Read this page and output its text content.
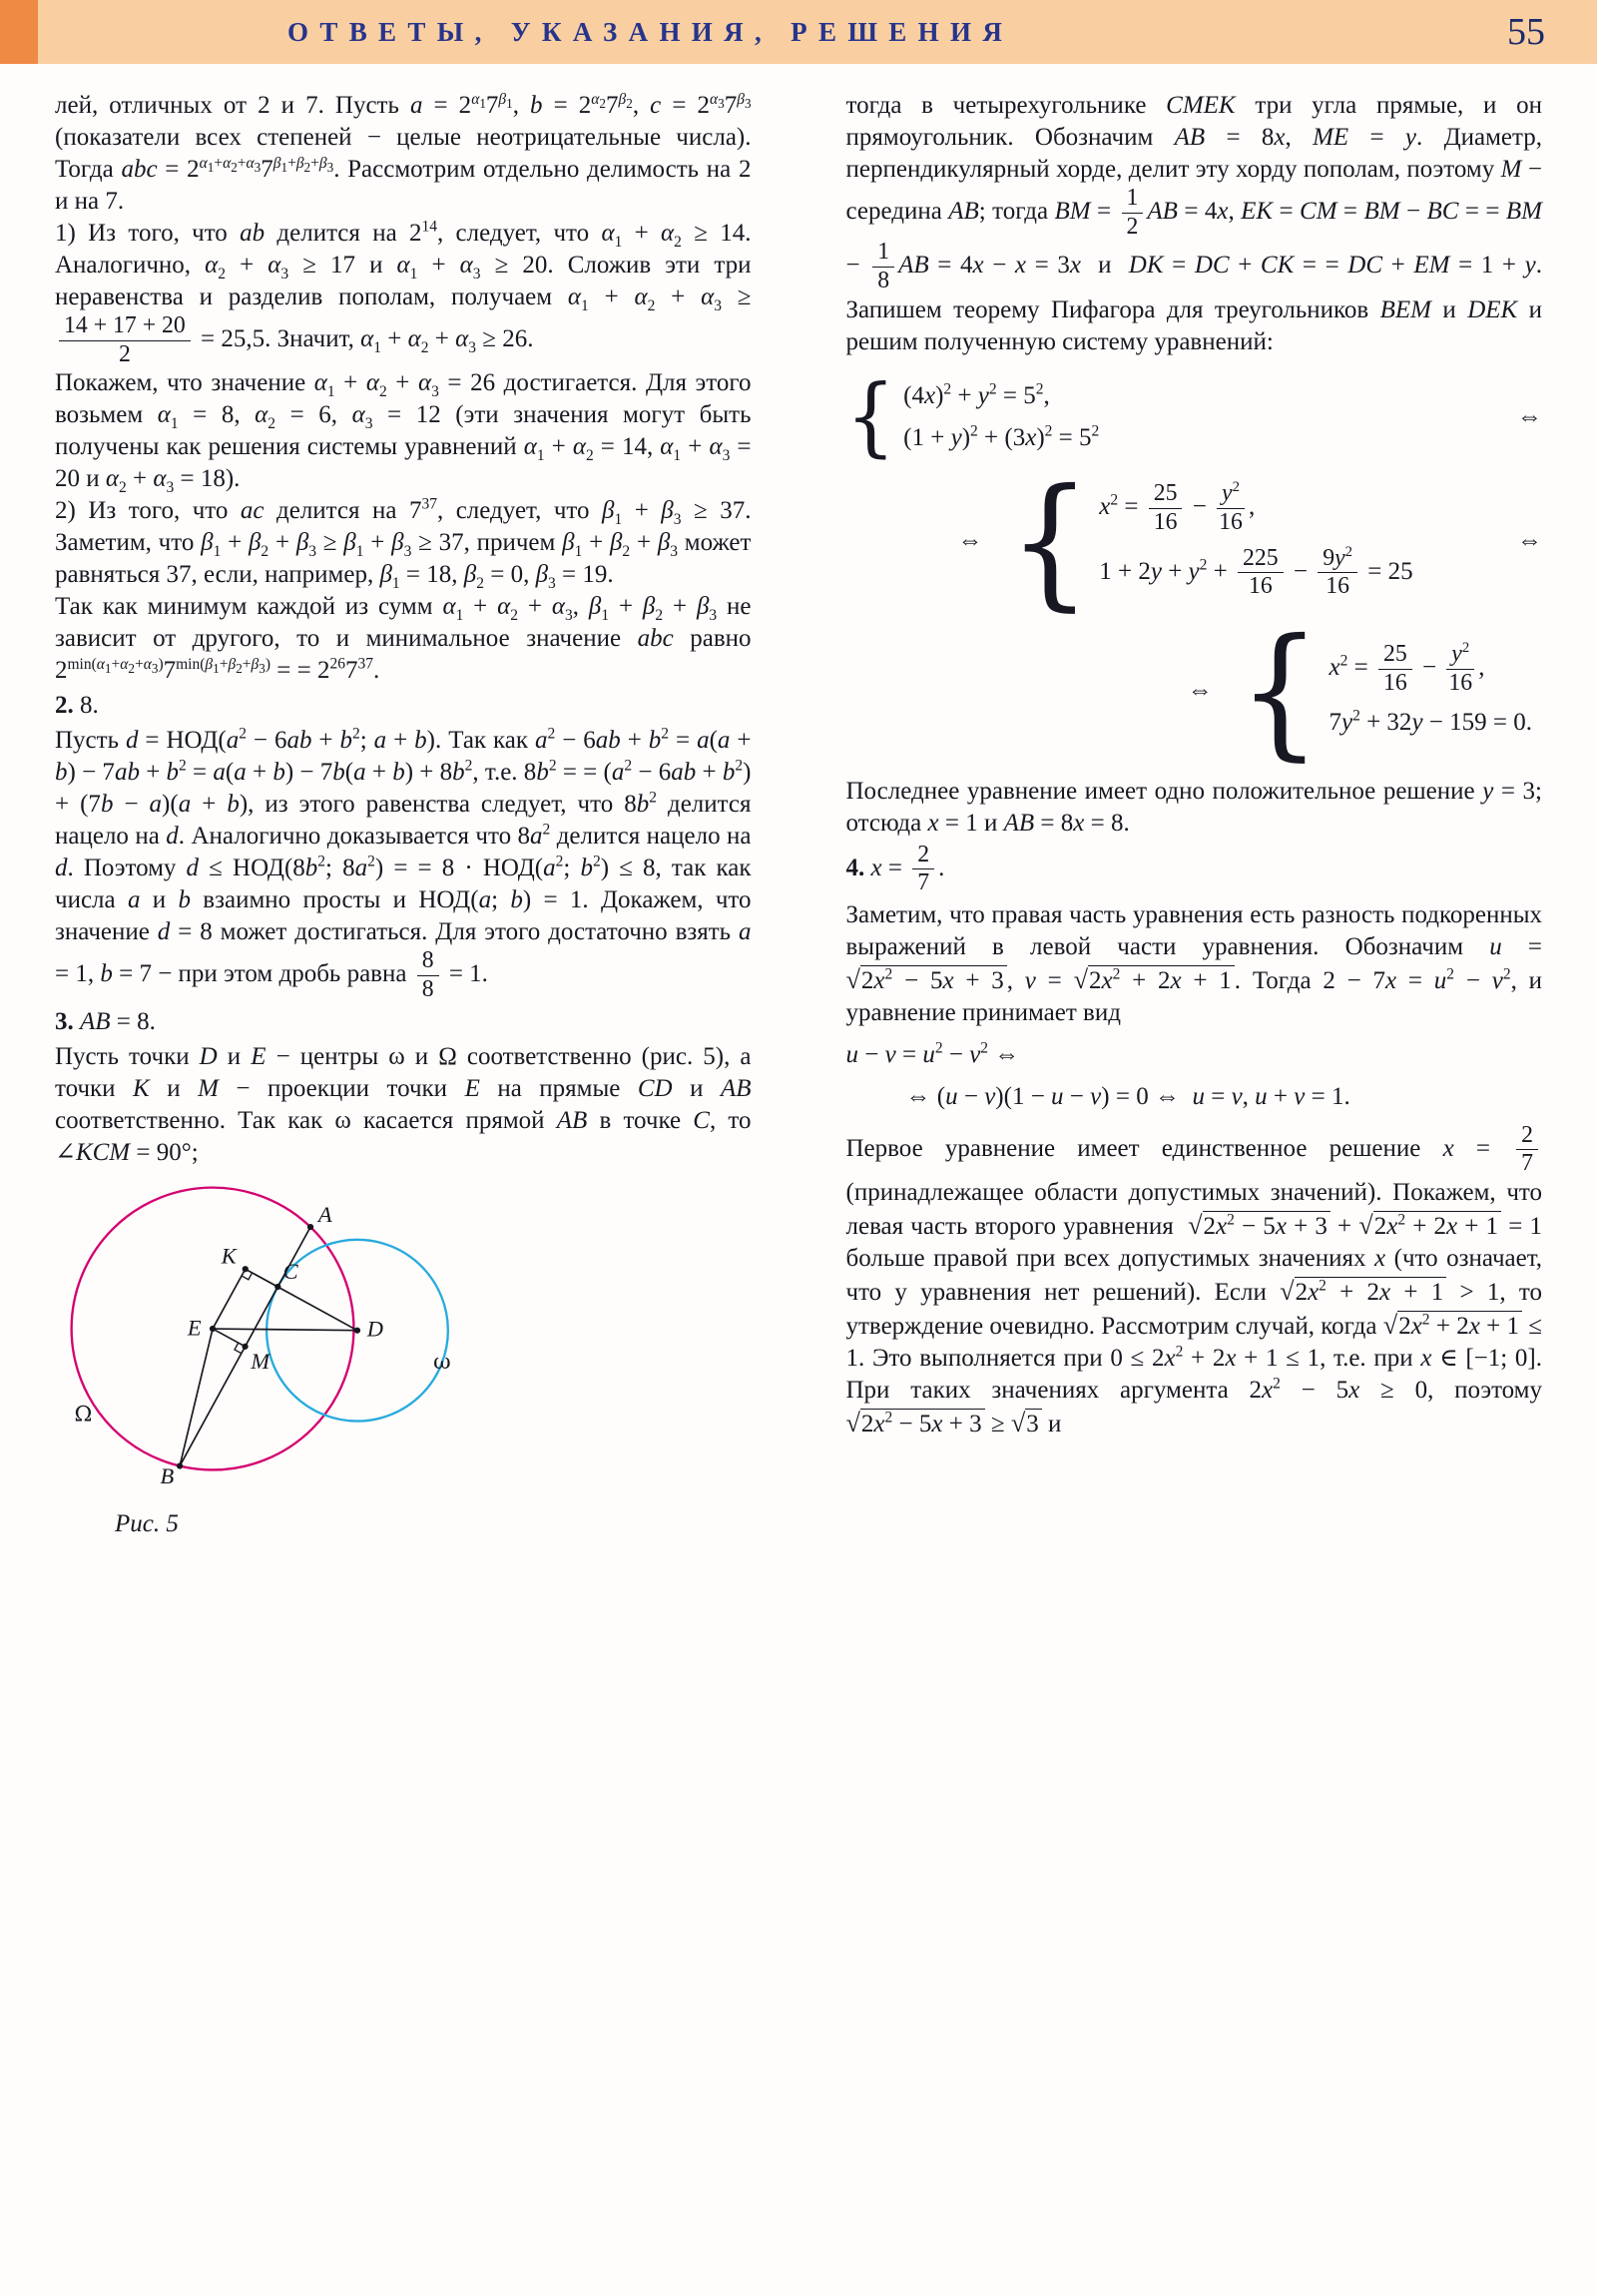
ОТВЕТЫ, УКАЗАНИЯ, РЕШЕНИЯ	55
лей, отличных от 2 и 7. Пусть $a = 2^{\alpha_1}7^{\beta_1}$, $b = 2^{\alpha_2}7^{\beta_2}$, $c = 2^{\alpha_3}7^{\beta_3}$ (показатели всех степеней − целые неотрицательные числа). Тогда abc = $2^{\alpha_1+\alpha_2+\alpha_3}7^{\beta_1+\beta_2+\beta_3}$. Рассмотрим отдельно делимость на 2 и на 7.
1) Из того, что ab делится на $2^{14}$, следует, что $\alpha_1 + \alpha_2 \ge 14$. Аналогично, $\alpha_2 + \alpha_3 \ge 17$ и $\alpha_1 + \alpha_3 \ge 20$. Сложив эти три неравенства и разделив пополам, получаем $\alpha_1 + \alpha_2 + \alpha_3$ ≥
$\frac{14 + 17 + 20}{2} = 25,5$. Значит, $\alpha_1 + \alpha_2 + \alpha_3 \ge 26$.
Покажем, что значение $\alpha_1 + \alpha_2 + \alpha_3 = 26$ достигается. Для этого возьмем $\alpha_1 = 8$, $\alpha_2 = 6$, $\alpha_3 = 12$ (эти значения могут быть получены как решения системы уравнений $\alpha_1 + \alpha_2 = 14$, $\alpha_1 + \alpha_3 = 20$ и $\alpha_2 + \alpha_3 = 18$).
2) Из того, что ac делится на $7^{37}$, следует, что $\beta_1 + \beta_3 \ge 37$. Заметим, что $\beta_1 + \beta_2 + \beta_3 \ge \beta_1 + \beta_3 \ge 37$, причем $\beta_1 + \beta_2 + \beta_3$ может равняться 37, если, например, $\beta_1 = 18$, $\beta_2 = 0$, $\beta_3 = 19$.
Так как минимум каждой из сумм $\alpha_1 + \alpha_2 + \alpha_3$, $\beta_1 + \beta_2 + \beta_3$ не зависит от другого, то и минимальное значение abc равно $2^{min(\alpha_1+\alpha_2+\alpha_3)}7^{min(\beta_1+\beta_2+\beta_3)}$ = = $2^{26}7^{37}$.
2. 8.
Пусть $d = НОД(a^2 - 6ab + b^2$; a + b). Так как $a^2 - 6ab + b^2 = a(a + b) - 7ab + b^2 = a(a + b) - 7b(a + b) + 8b^2$, т.е. $8b^2$ = = $(a^2 - 6ab + b^2) + (7b - a)(a + b)$, из этого равенства следует, что $8b^2$ делится нацело на d. Аналогично доказывается что $8a^2$ делится нацело на d. Поэтому $d \le НОД(8b^2$; $8a^2$) = = $8 \cdot НОД(a^2$; $b^2) \le 8$, так как числа a и b взаимно просты и НОД(a; b) = 1. Докажем, что значение d = 8 может достигаться. Для этого достаточно взять a = 1, b = 7 − при этом дробь равна $\frac{8}{8} = 1$.
3. AB = 8.
Пусть точки D и E − центры ω и Ω соответственно (рис. 5), а точки K и M − проекции точки E на прямые CD и AB соответственно. Так как ω касается прямой AB в точке C, то ∠KCM = 90°;
A
K
C
E	D
M
B
Ω
ω
Рис. 5
тогда в четырехугольнике CMEK три угла прямые, и он прямоугольник. Обозначим AB = 8x, ME = y. Диаметр, перпендикулярный хорде, делит эту хорду пополам, поэтому M − середина AB; тогда BM = $\frac{1}{2}$ AB = 4x, EK = CM = BM − BC = = BM − $\frac{1}{8}$ AB = 4x − x = 3x  и  DK = DC + CK = = DC + EM = 1 + y. Запишем теорему Пифагора для треугольников BEM и DEK и решим полученную систему уравнений:
{ $(4x)^2 + y^2 = 5^2$,
$(1 + y)^2 + (3x)^2 = 5^2$
⇔
⇔ { $x^2 = \frac{25}{16} - \frac{y^2}{16}$ ,
$1 + 2y + y^2 + \frac{225}{16} - \frac{9y^2}{16} = 25$
⇔
⇔ { $x^2 = \frac{25}{16} - \frac{y^2}{16}$ ,
$7y^2 + 32y - 159 = 0$.
Последнее уравнение имеет одно положительное решение y = 3; отсюда x = 1 и AB = 8x = 8.
4. $x = \frac{2}{7}$ .
Заметим, что правая часть уравнения есть разность подкоренных выражений в левой части уравнения. Обозначим $u = √2x^2 - 5x + 3$ , $v = √2x^2 + 2x + 1$ . Тогда $2 - 7x = u^2 - v^2$, и уравнение принимает вид
$u - v = u^2 - v^2$ ⇔
⇔ (u − v)(1 − u − v) = 0 ⇔  u = v, u + v = 1.
Первое уравнение имеет единственное решение $x = \frac{2}{7}$
(принадлежащее области допустимых значений). Покажем, что левая часть второго уравнения  $√2x^2 - 5x + 3 + √2x^2 + 2x + 1 = 1$ больше правой при всех допустимых значениях x (что означает, что у уравнения нет решений). Если $√2x^2 + 2x + 1 > 1$, то утверждение очевидно. Рассмотрим случай, когда $√2x^2 + 2x + 1 \le 1$. Это выполняется при $0 \le 2x^2 + 2x + 1 \le 1$, т.е. при x ∈ [−1; 0]. При таких значениях аргумента $2x^2 - 5x \ge 0$, поэтому $√2x^2 - 5x + 3 \ge √3$ и
